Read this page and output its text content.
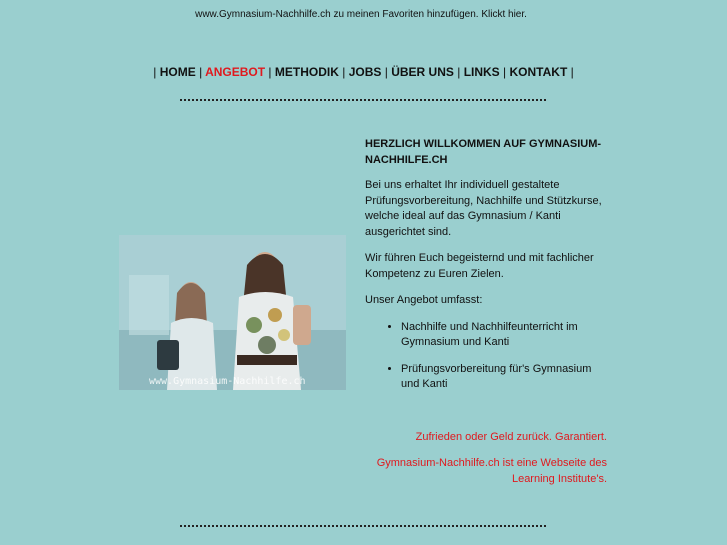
www.Gymnasium-Nachhilfe.ch zu meinen Favoriten hinzufügen. Klickt hier.
| HOME | ANGEBOT | METHODIK | JOBS | ÜBER UNS | LINKS | KONTAKT |
www.Gymnasium-Nachhilfe.ch
HERZLICH WILLKOMMEN AUF GYMNASIUM-NACHHILFE.CH

Bei uns erhaltet Ihr individuell gestaltete Prüfungsvorbereitung, Nachhilfe und Stützkurse, welche ideal auf das Gymnasium / Kanti ausgerichtet sind.

Wir führen Euch begeisternd und mit fachlicher Kompetenz zu Euren Zielen.

Unser Angebot umfasst:

• Nachhilfe und Nachhilfeunterricht im Gymnasium und Kanti
• Prüfungsvorbereitung für's Gymnasium und Kanti
Zufrieden oder Geld zurück. Garantiert.
Gymnasium-Nachhilfe.ch ist eine Webseite des Learning Institute's.
